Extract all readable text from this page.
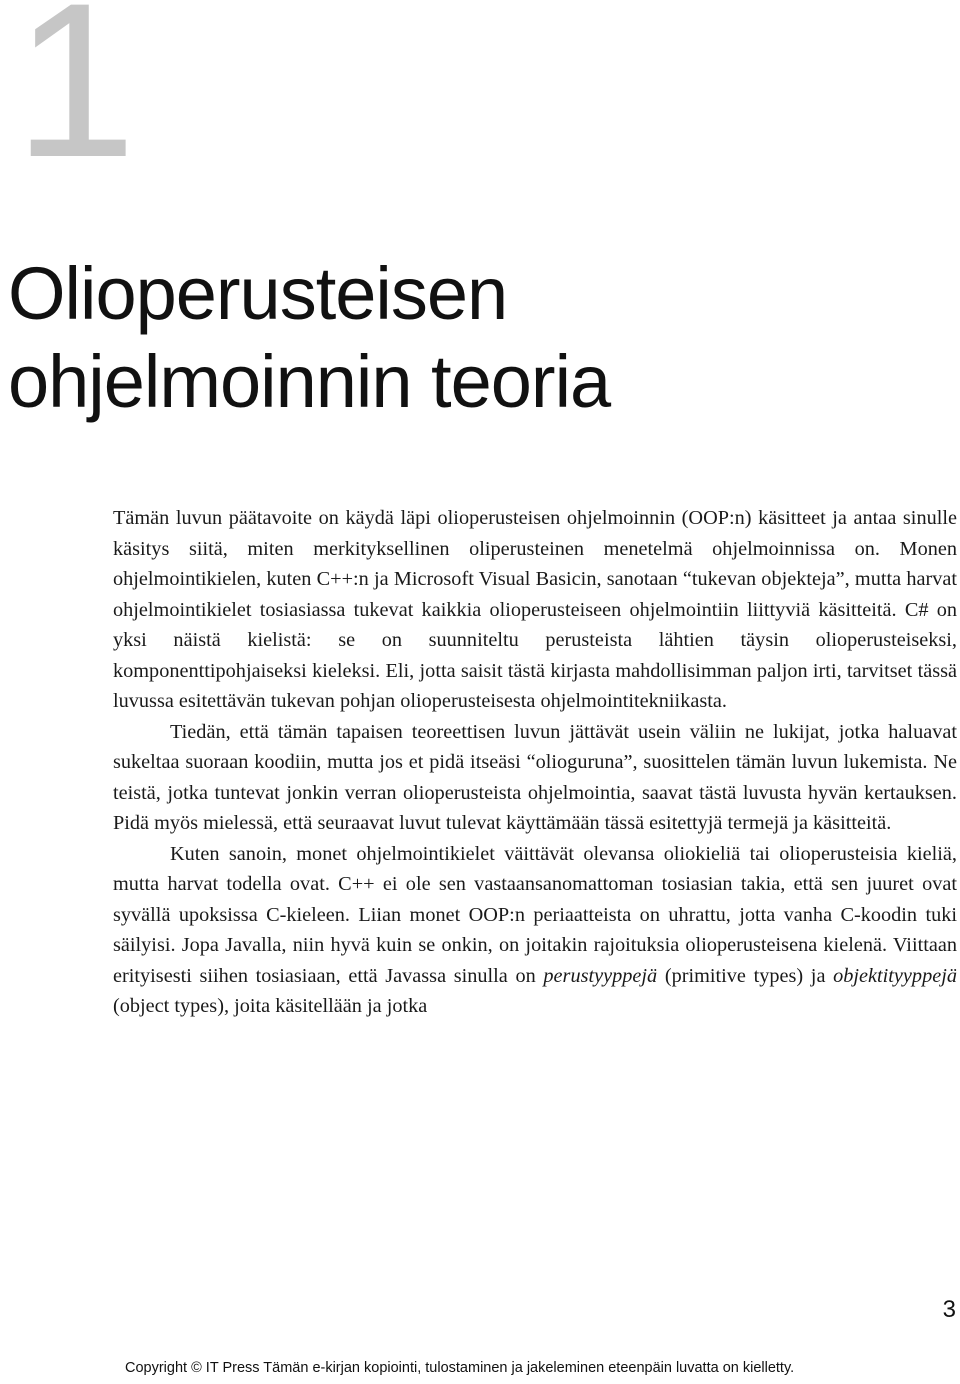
1
Olioperusteisen
ohjelmoinnin teoria

Tämän luvun päätavoite on käydä läpi olioperusteisen ohjelmoinnin (OOP:n) käsitteet ja antaa sinulle käsitys siitä, miten merkityksellinen oliperusteinen menetelmä ohjelmoinnissa on. Monen ohjelmointikielen, kuten C++:n ja Microsoft Visual Basicin, sanotaan “tukevan objekteja”, mutta harvat ohjelmointikielet tosiasiassa tukevat kaikkia olioperusteiseen ohjelmointiin liittyviä käsitteitä. C# on yksi näistä kielistä: se on suunniteltu perusteista lähtien täysin olioperusteiseksi, komponenttipohjaiseksi kieleksi. Eli, jotta saisit tästä kirjasta mahdollisimman paljon irti, tarvitset tässä luvussa esitettävän tukevan pohjan olioperusteisesta ohjelmointitekniikasta.

Tiedän, että tämän tapaisen teoreettisen luvun jättävät usein väliin ne lukijat, jotka haluavat sukeltaa suoraan koodiin, mutta jos et pidä itseäsi “olioguruna”, suosittelen tämän luvun lukemista. Ne teistä, jotka tuntevat jonkin verran olioperusteista ohjelmointia, saavat tästä luvusta hyvän kertauksen. Pidä myös mielessä, että seuraavat luvut tulevat käyttämään tässä esitettyjä termejä ja käsitteitä.

Kuten sanoin, monet ohjelmointikielet väittävät olevansa oliokieliä tai olioperusteisia kieliä, mutta harvat todella ovat. C++ ei ole sen vastaansanomattoman tosiasian takia, että sen juuret ovat syvällä upoksissa C-kieleen. Liian monet OOP:n periaatteista on uhrattu, jotta vanha C-koodin tuki säilyisi. Jopa Javalla, niin hyvä kuin se onkin, on joitakin rajoituksia olioperusteisena kielenä. Viittaan erityisesti siihen tosiasiaan, että Javassa sinulla on perustyyppejä (primitive types) ja objektityyppejä (object types), joita käsitellään ja jotka

3
Copyright © IT Press Tämän e-kirjan kopiointi, tulostaminen ja jakeleminen eteenpäin luvatta on kielletty.
